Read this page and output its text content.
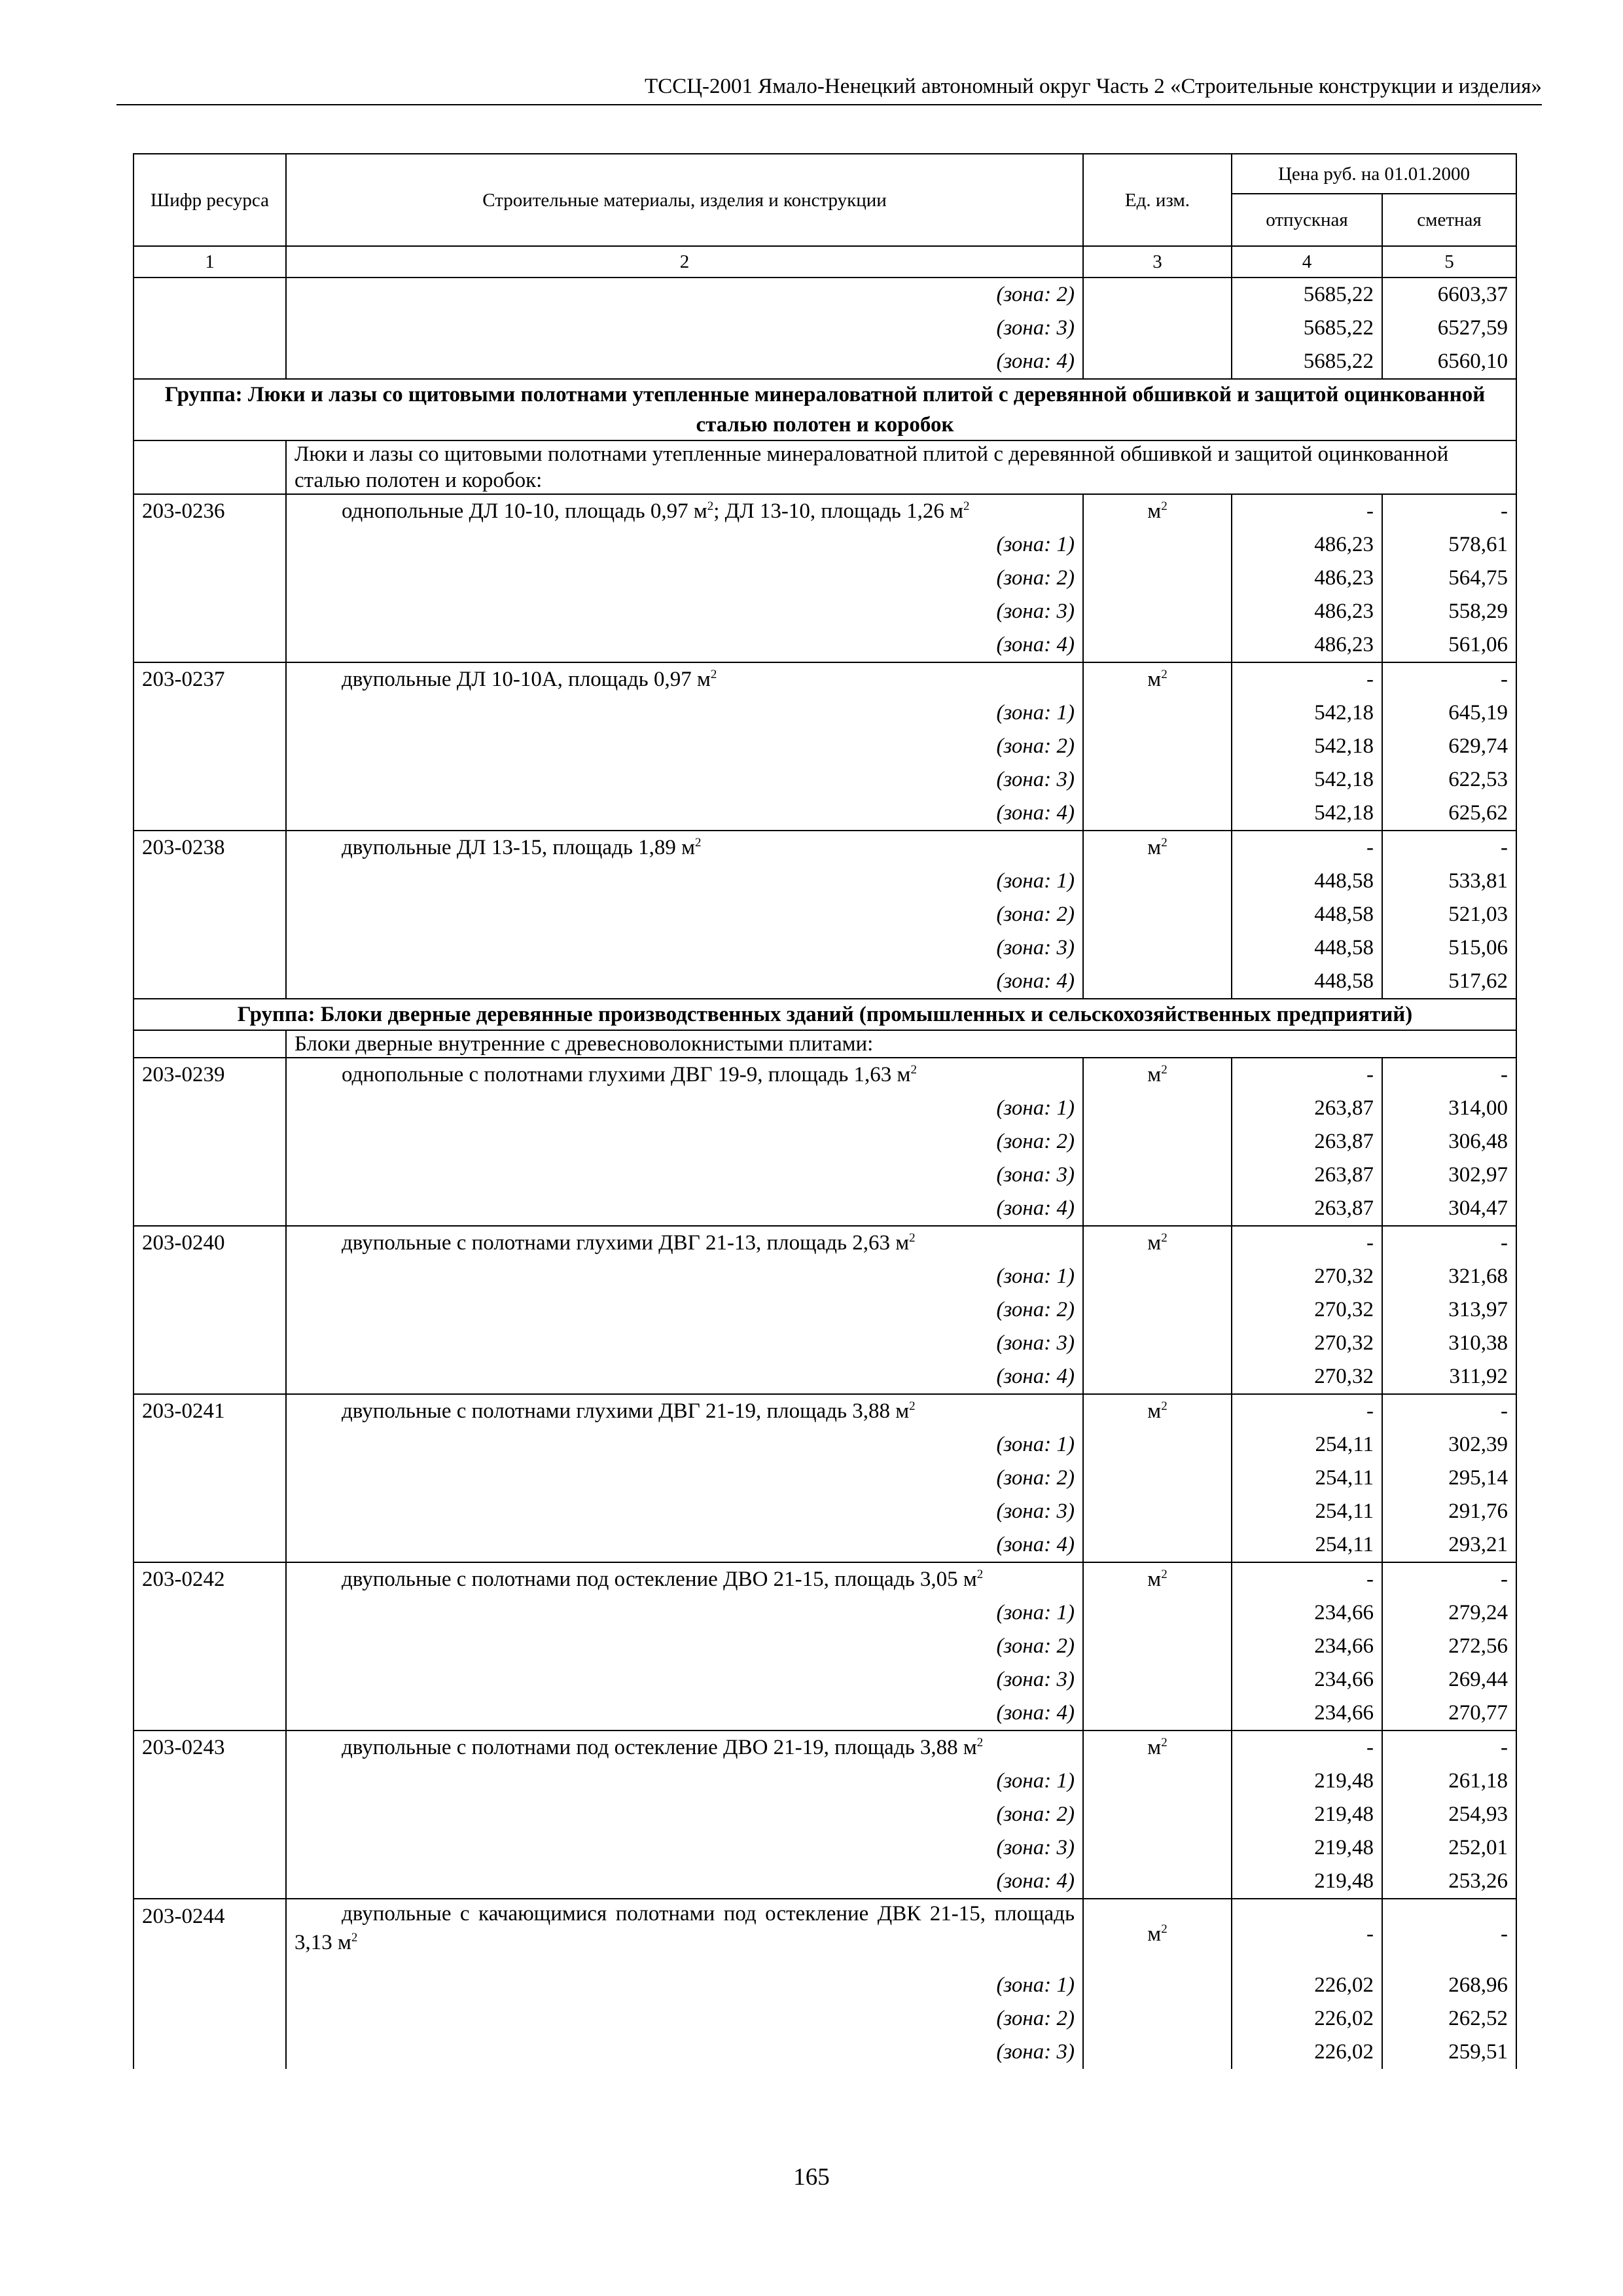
ТССЦ-2001 Ямало-Ненецкий автономный округ Часть 2 «Строительные конструкции и изделия»
Шифр ресурса	Строительные материалы, изделия и конструкции	Ед. изм.	Цена руб. на 01.01.2000	
			отпускная	сметная
1	2	3	4	5
	(зона: 2)		5685,22	6603,37
	(зона: 3)		5685,22	6527,59
	(зона: 4)		5685,22	6560,10
Группа: Люки и лазы со щитовыми полотнами утепленные минераловатной плитой с деревянной обшивкой и защитой оцинкованной сталью полотен и коробок				
	Люки и лазы со щитовыми полотнами утепленные минераловатной плитой с деревянной обшивкой и защитой оцинкованной сталью полотен и коробок:			
203-0236	однопольные ДЛ 10-10, площадь 0,97 $м^2$; ДЛ 13-10, площадь 1,26 $м^2$	$м^2$	-	-
	(зона: 1)		486,23	578,61
	(зона: 2)		486,23	564,75
	(зона: 3)		486,23	558,29
	(зона: 4)		486,23	561,06
203-0237	двупольные ДЛ 10-10А, площадь 0,97 $м^2$	$м^2$	-	-
	(зона: 1)		542,18	645,19
	(зона: 2)		542,18	629,74
	(зона: 3)		542,18	622,53
	(зона: 4)		542,18	625,62
203-0238	двупольные ДЛ 13-15, площадь 1,89 $м^2$	$м^2$	-	-
	(зона: 1)		448,58	533,81
	(зона: 2)		448,58	521,03
	(зона: 3)		448,58	515,06
	(зона: 4)		448,58	517,62
Группа: Блоки дверные деревянные производственных зданий (промышленных и сельскохозяйственных предприятий)				
	Блоки дверные внутренние с древесноволокнистыми плитами:			
203-0239	однопольные с полотнами глухими ДВГ 19-9, площадь 1,63 $м^2$	$м^2$	-	-
	(зона: 1)		263,87	314,00
	(зона: 2)		263,87	306,48
	(зона: 3)		263,87	302,97
	(зона: 4)		263,87	304,47
203-0240	двупольные с полотнами глухими ДВГ 21-13, площадь 2,63 $м^2$	$м^2$	-	-
	(зона: 1)		270,32	321,68
	(зона: 2)		270,32	313,97
	(зона: 3)		270,32	310,38
	(зона: 4)		270,32	311,92
203-0241	двупольные с полотнами глухими ДВГ 21-19, площадь 3,88 $м^2$	$м^2$	-	-
	(зона: 1)		254,11	302,39
	(зона: 2)		254,11	295,14
	(зона: 3)		254,11	291,76
	(зона: 4)		254,11	293,21
203-0242	двупольные с полотнами под остекление ДВО 21-15, площадь 3,05 $м^2$	$м^2$	-	-
	(зона: 1)		234,66	279,24
	(зона: 2)		234,66	272,56
	(зона: 3)		234,66	269,44
	(зона: 4)		234,66	270,77
203-0243	двупольные с полотнами под остекление ДВО 21-19, площадь 3,88 $м^2$	$м^2$	-	-
	(зона: 1)		219,48	261,18
	(зона: 2)		219,48	254,93
	(зона: 3)		219,48	252,01
	(зона: 4)		219,48	253,26
203-0244	двупольные с качающимися полотнами под остекление ДВК 21-15, площадь 3,13 $м^2$	$м^2$	-	-
	(зона: 1)		226,02	268,96
	(зона: 2)		226,02	262,52
	(зона: 3)		226,02	259,51
165
